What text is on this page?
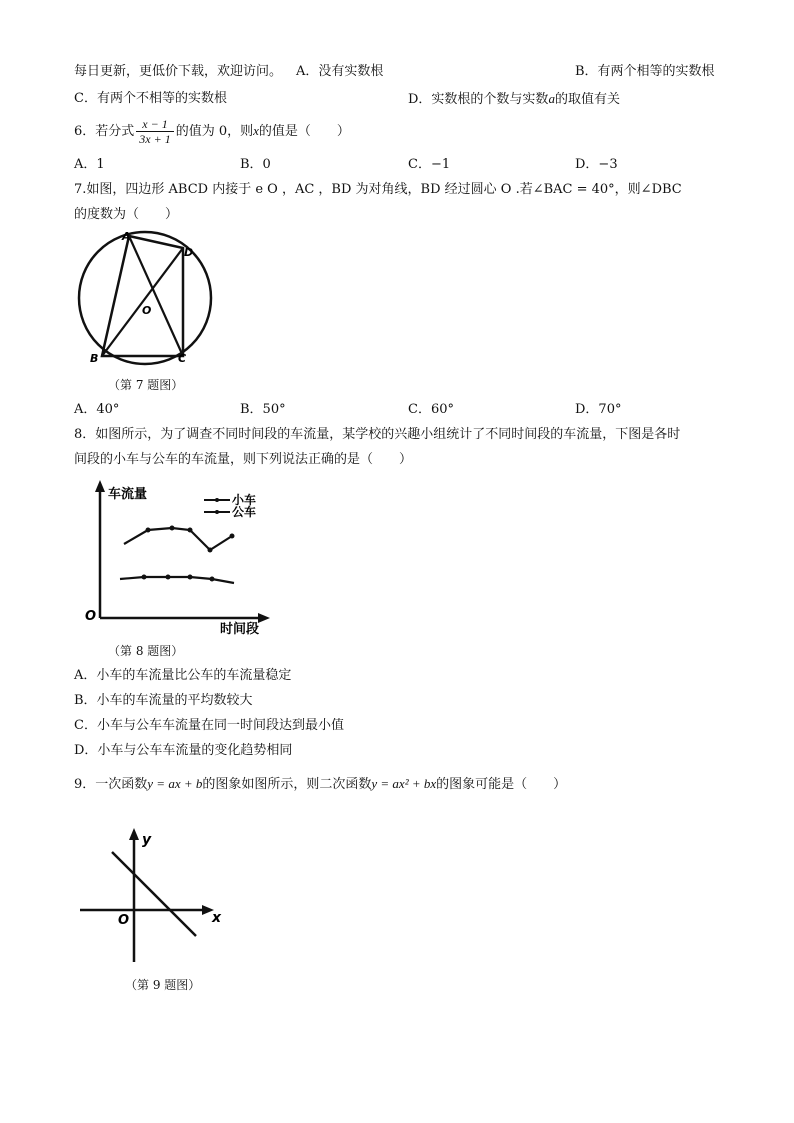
每日更新，更低价下载，欢迎访问。 A．没有实数根	B．有两个相等的实数根
C．有两个不相等的实数根	D．实数根的个数与实数a的取值有关
6．若分式 $\frac{x - 1}{3x + 1}$ 的值为 0，则x的值是（　　）
A．1	B．0	C．−1	D．−3
7.如图，四边形 ABCD 内接于 e O ，AC ，BD 为对角线，BD 经过圆心 O .若∠BAC = 40°，则∠DBC
的度数为（　　）
A
D
O
B	C
（第 7 题图）
A．40°	B．50°	C．60°	D．70°
8．如图所示，为了调查不同时间段的车流量，某学校的兴趣小组统计了不同时间段的车流量，下图是各时
间段的小车与公车的车流量，则下列说法正确的是（　　）
车流量
O
时间段
小车
公车
（第 8 题图）
A．小车的车流量比公车的车流量稳定
B．小车的车流量的平均数较大
C．小车与公车车流量在同一时间段达到最小值
D．小车与公车车流量的变化趋势相同
9．一次函数y = ax + b的图象如图所示，则二次函数y = ax² + bx的图象可能是（　　）
y
x
O
（第 9 题图）
